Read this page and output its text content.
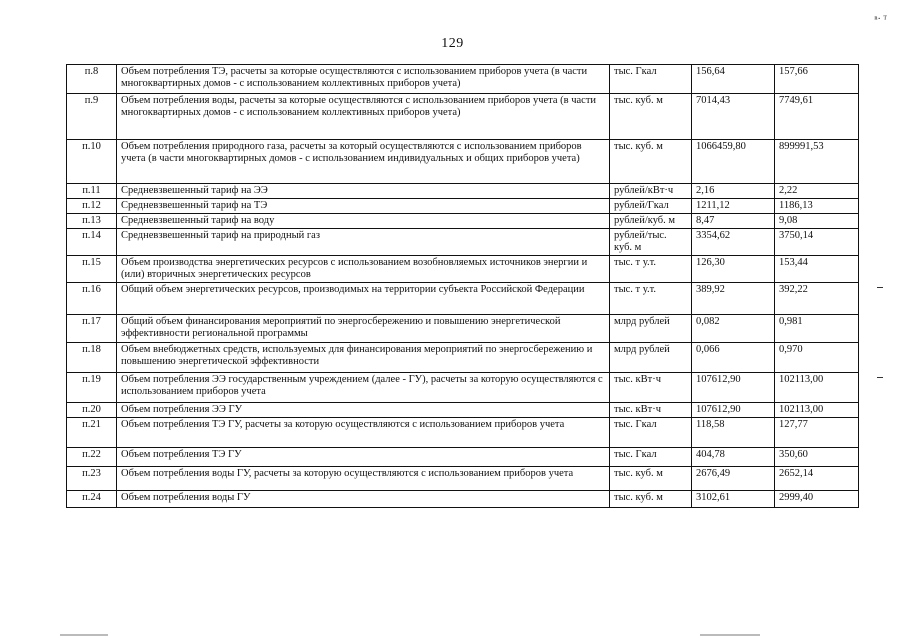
129
ⁿ· ᵀ
п.8	Объем потребления ТЭ, расчеты за которые осуществляются с использованием приборов учета (в части многоквартирных домов - с использованием коллективных приборов учета)	тыс. Гкал	156,64	157,66
п.9	Объем потребления воды, расчеты за которые осуществляются с использованием приборов учета (в части многоквартирных домов - с использованием коллективных приборов учета)	тыс. куб. м	7014,43	7749,61
п.10	Объем потребления природного газа, расчеты за который осуществляются с использованием приборов учета (в части многоквартирных домов - с использованием индивидуальных и общих приборов учета)	тыс. куб. м	1066459,80	899991,53
п.11	Средневзвешенный тариф на ЭЭ	рублей/кВт·ч	2,16	2,22
п.12	Средневзвешенный тариф на ТЭ	рублей/Гкал	1211,12	1186,13
п.13	Средневзвешенный тариф на воду	рублей/куб. м	8,47	9,08
п.14	Средневзвешенный тариф на природный газ	рублей/тыс. куб. м	3354,62	3750,14
п.15	Объем производства энергетических ресурсов с использованием возобновляемых источников энергии и (или) вторичных энергетических ресурсов	тыс. т у.т.	126,30	153,44
п.16	Общий объем энергетических ресурсов, производимых на территории субъекта Российской Федерации	тыс. т у.т.	389,92	392,22
п.17	Общий объем финансирования мероприятий по энергосбережению и повышению энергетической эффективности региональной программы	млрд рублей	0,082	0,981
п.18	Объем внебюджетных средств, используемых для финансирования мероприятий по энергосбережению и повышению энергетической эффективности	млрд рублей	0,066	0,970
п.19	Объем потребления ЭЭ государственным учреждением (далее - ГУ), расчеты за которую осуществляются с использованием приборов учета	тыс. кВт·ч	107612,90	102113,00
п.20	Объем потребления ЭЭ ГУ	тыс. кВт·ч	107612,90	102113,00
п.21	Объем потребления ТЭ ГУ, расчеты за которую осуществляются с использованием приборов учета	тыс. Гкал	118,58	127,77
п.22	Объем потребления ТЭ ГУ	тыс. Гкал	404,78	350,60
п.23	Объем потребления воды ГУ, расчеты за которую осуществляются с использованием приборов учета	тыс. куб. м	2676,49	2652,14
п.24	Объем потребления воды ГУ	тыс. куб. м	3102,61	2999,40
